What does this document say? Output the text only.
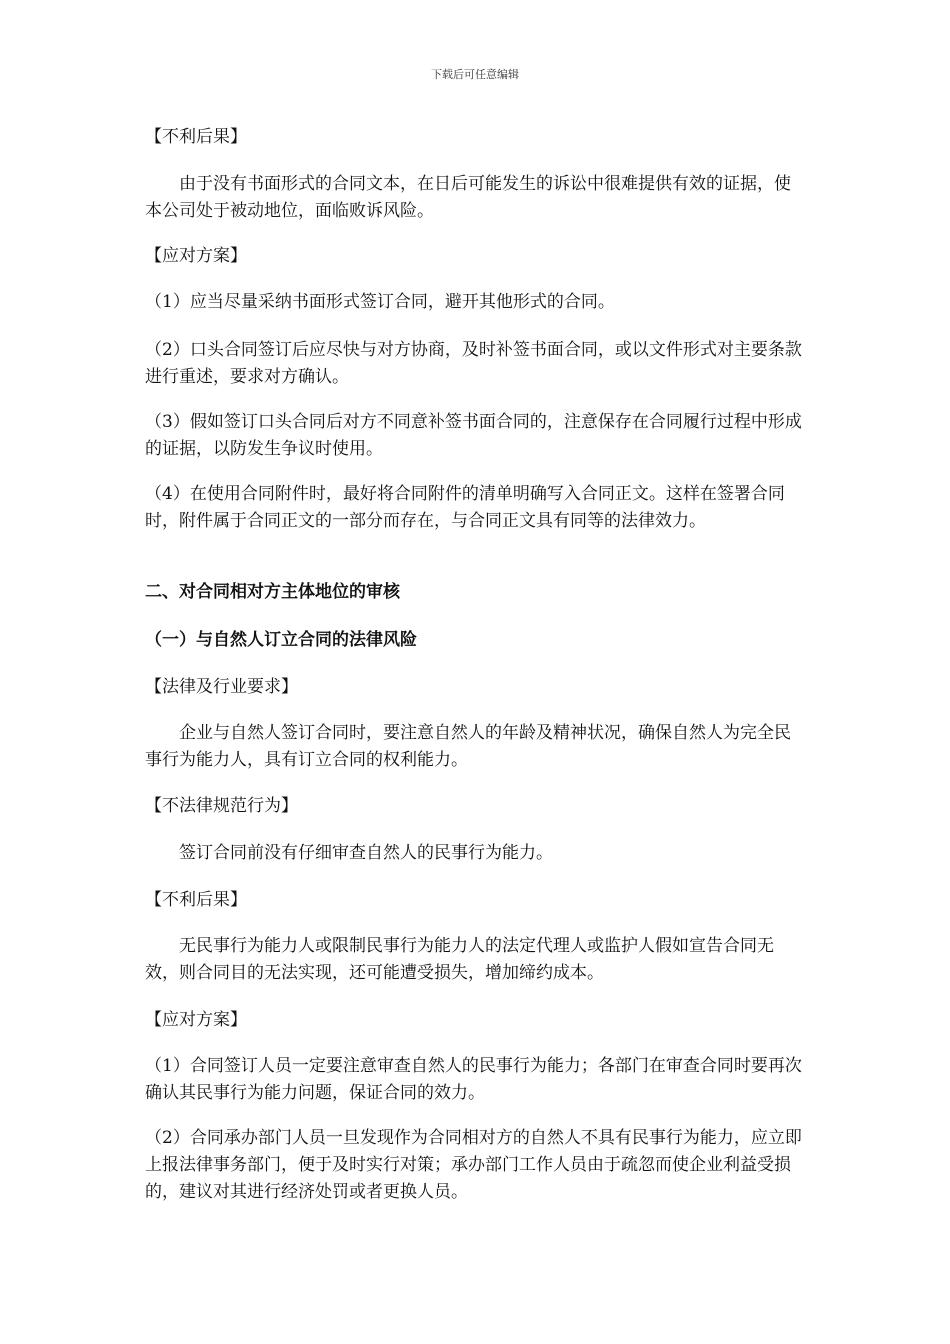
下载后可任意编辑

【不利后果】

由于没有书面形式的合同文本，在日后可能发生的诉讼中很难提供有效的证据，使本公司处于被动地位，面临败诉风险。

【应对方案】

（1）应当尽量采纳书面形式签订合同，避开其他形式的合同。

（2）口头合同签订后应尽快与对方协商，及时补签书面合同，或以文件形式对主要条款进行重述，要求对方确认。

（3）假如签订口头合同后对方不同意补签书面合同的，注意保存在合同履行过程中形成的证据，以防发生争议时使用。

（4）在使用合同附件时，最好将合同附件的清单明确写入合同正文。这样在签署合同时，附件属于合同正文的一部分而存在，与合同正文具有同等的法律效力。

二、对合同相对方主体地位的审核

（一）与自然人订立合同的法律风险

【法律及行业要求】

企业与自然人签订合同时，要注意自然人的年龄及精神状况，确保自然人为完全民事行为能力人，具有订立合同的权利能力。

【不法律规范行为】

签订合同前没有仔细审查自然人的民事行为能力。

【不利后果】

无民事行为能力人或限制民事行为能力人的法定代理人或监护人假如宣告合同无效，则合同目的无法实现，还可能遭受损失，增加缔约成本。

【应对方案】

（1）合同签订人员一定要注意审查自然人的民事行为能力；各部门在审查合同时要再次确认其民事行为能力问题，保证合同的效力。

（2）合同承办部门人员一旦发现作为合同相对方的自然人不具有民事行为能力，应立即上报法律事务部门，便于及时实行对策；承办部门工作人员由于疏忽而使企业利益受损的，建议对其进行经济处罚或者更换人员。
